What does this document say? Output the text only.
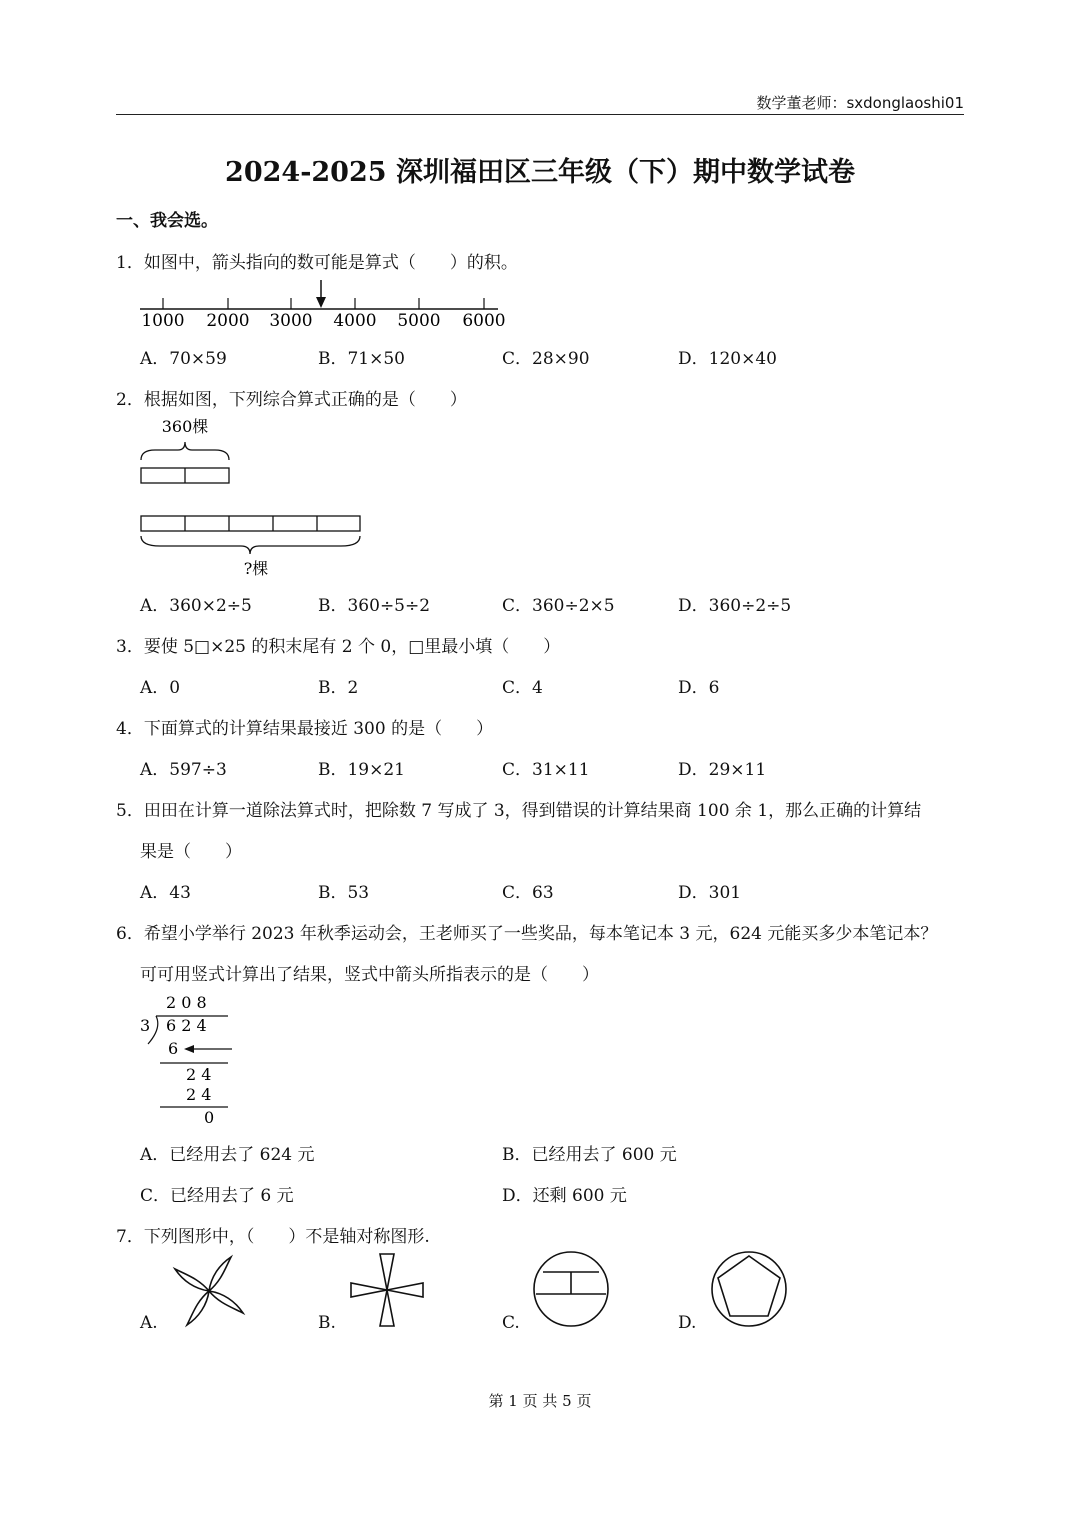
数学董老师：sxdonglaoshi01
2024-2025 深圳福田区三年级（下）期中数学试卷
一、我会选。
1．如图中，箭头指向的数可能是算式（　　）的积。
1000 2000 3000 4000 5000 6000
A．70×59	B．71×50	C．28×90	D．120×40
2．根据如图，下列综合算式正确的是（　　）
360棵
?棵
A．360×2÷5	B．360÷5÷2	C．360÷2×5	D．360÷2÷5
3．要使 5□×25 的积末尾有 2 个 0，□里最小填（　　）
A．0	B．2	C．4	D．6
4．下面算式的计算结果最接近 300 的是（　　）
A．597÷3	B．19×21	C．31×11	D．29×11
5．田田在计算一道除法算式时，把除数 7 写成了 3，得到错误的计算结果商 100 余 1，那么正确的计算结
果是（　　）
A．43	B．53	C．63	D．301
6．希望小学举行 2023 年秋季运动会，王老师买了一些奖品，每本笔记本 3 元，624 元能买多少本笔记本？
可可用竖式计算出了结果，竖式中箭头所指表示的是（　　）
2 0 8
3 6 2 4
6
2 4
2 4
0
A．已经用去了 624 元	B．已经用去了 600 元
C．已经用去了 6 元	D．还剩 600 元
7．下列图形中，（　　）不是轴对称图形.
A.	B.	C.	D.
第 1 页 共 5 页
